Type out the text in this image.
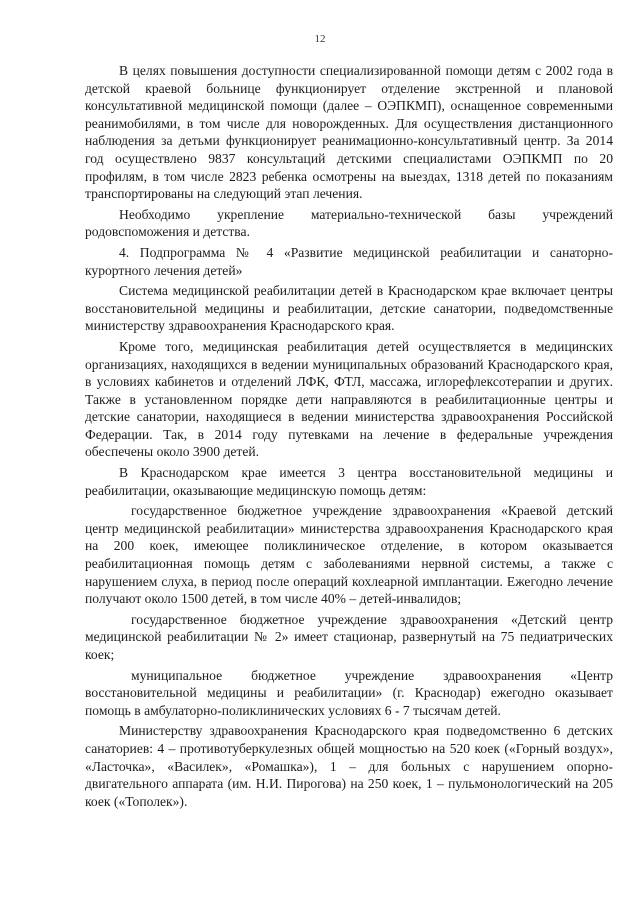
12

В целях повышения доступности специализированной помощи детям с 2002 года в детской краевой больнице функционирует отделение экстренной и плановой консультативной медицинской помощи (далее – ОЭПКМП), оснащенное современными реанимобилями, в том числе для новорожденных. Для осуществления дистанционного наблюдения за детьми функционирует реанимационно-консультативный центр. За 2014 год осуществлено 9837 консультаций детскими специалистами ОЭПКМП по 20 профилям, в том числе 2823 ребенка осмотрены на выездах, 1318 детей по показаниям транспортированы на следующий этап лечения.

Необходимо укрепление материально-технической базы учреждений родовспоможения и детства.

4. Подпрограмма № 4 «Развитие медицинской реабилитации и санаторно-курортного лечения детей»

Система медицинской реабилитации детей в Краснодарском крае включает центры восстановительной медицины и реабилитации, детские санатории, подведомственные министерству здравоохранения Краснодарского края.

Кроме того, медицинская реабилитация детей осуществляется в медицинских организациях, находящихся в ведении муниципальных образований Краснодарского края, в условиях кабинетов и отделений ЛФК, ФТЛ, массажа, иглорефлексотерапии и других. Также в установленном порядке дети направляются в реабилитационные центры и детские санатории, находящиеся в ведении министерства здравоохранения Российской Федерации. Так, в 2014 году путевками на лечение в федеральные учреждения обеспечены около 3900 детей.

В Краснодарском крае имеется 3 центра восстановительной медицины и реабилитации, оказывающие медицинскую помощь детям:

государственное бюджетное учреждение здравоохранения «Краевой детский центр медицинской реабилитации» министерства здравоохранения Краснодарского края на 200 коек, имеющее поликлиническое отделение, в котором оказывается реабилитационная помощь детям с заболеваниями нервной системы, а также с нарушением слуха, в период после операций кохлеарной имплантации. Ежегодно лечение получают около 1500 детей, в том числе 40% – детей-инвалидов;

государственное бюджетное учреждение здравоохранения «Детский центр медицинской реабилитации № 2» имеет стационар, развернутый на 75 педиатрических коек;

муниципальное бюджетное учреждение здравоохранения «Центр восстановительной медицины и реабилитации» (г. Краснодар) ежегодно оказывает помощь в амбулаторно-поликлинических условиях 6 - 7 тысячам детей.

Министерству здравоохранения Краснодарского края подведомственно 6 детских санаториев: 4 – противотуберкулезных общей мощностью на 520 коек («Горный воздух», «Ласточка», «Василек», «Ромашка»), 1 – для больных с нарушением опорно-двигательного аппарата (им. Н.И. Пирогова) на 250 коек, 1 – пульмонологический на 205 коек («Тополек»).
